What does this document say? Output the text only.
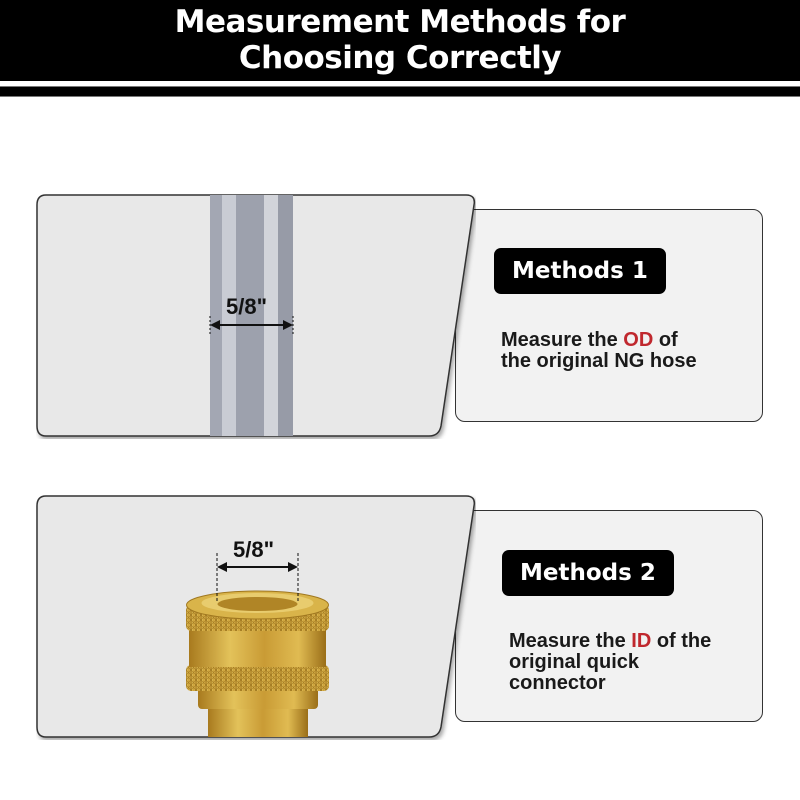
Measurement Methods for
Choosing Correctly
Methods 1
Measure the OD of
the original NG hose
5/8"
Methods 2
Measure the ID of the
original quick
connector
5/8"
